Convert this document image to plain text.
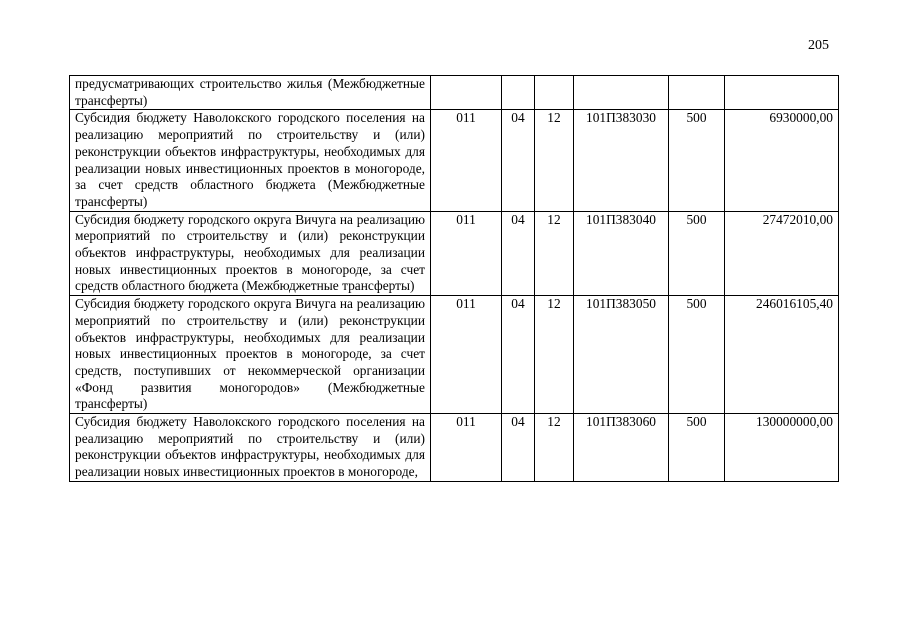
205
предусматривающих строительство жилья (Межбюджетные трансферты)						
Субсидия бюджету Наволокского городского поселения на реализацию мероприятий по строительству и (или) реконструкции объектов инфраструктуры, необходимых для реализации новых инвестиционных проектов в моногороде, за счет средств областного бюджета (Межбюджетные трансферты)	011	04	12	101П383030	500	6930000,00
Субсидия бюджету городского округа Вичуга на реализацию мероприятий по строительству и (или) реконструкции объектов инфраструктуры, необходимых для реализации новых инвестиционных проектов в моногороде, за счет средств областного бюджета (Межбюджетные трансферты)	011	04	12	101П383040	500	27472010,00
Субсидия бюджету городского округа Вичуга на реализацию мероприятий по строительству и (или) реконструкции объектов инфраструктуры, необходимых для реализации новых инвестиционных проектов в моногороде, за счет средств, поступивших от некоммерческой организации «Фонд развития моногородов» (Межбюджетные трансферты)	011	04	12	101П383050	500	246016105,40
Субсидия бюджету Наволокского городского поселения на реализацию мероприятий по строительству и (или) реконструкции объектов инфраструктуры, необходимых для реализации новых инвестиционных проектов в моногороде,	011	04	12	101П383060	500	130000000,00
